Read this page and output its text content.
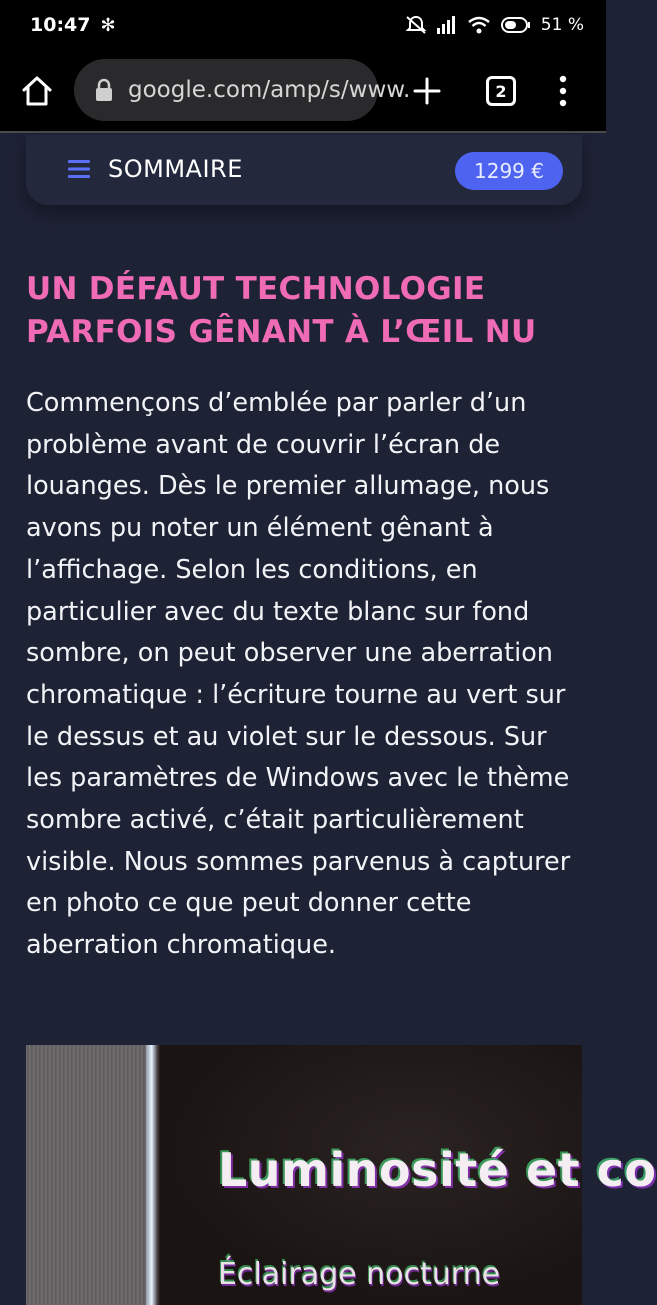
10:47 ✻	51 %
google.com/amp/s/www.	2
SOMMAIRE	1299 €
UN DÉFAUT TECHNOLOGIE PARFOIS GÊNANT À L’ŒIL NU

Commençons d’emblée par parler d’un problème avant de couvrir l’écran de louanges. Dès le premier allumage, nous avons pu noter un élément gênant à l’affichage. Selon les conditions, en particulier avec du texte blanc sur fond sombre, on peut observer une aberration chromatique : l’écriture tourne au vert sur le dessus et au violet sur le dessous. Sur les paramètres de Windows avec le thème sombre activé, c’était particulièrement visible. Nous sommes parvenus à capturer en photo ce que peut donner cette aberration chromatique.

Luminosité et co
Éclairage nocturne
